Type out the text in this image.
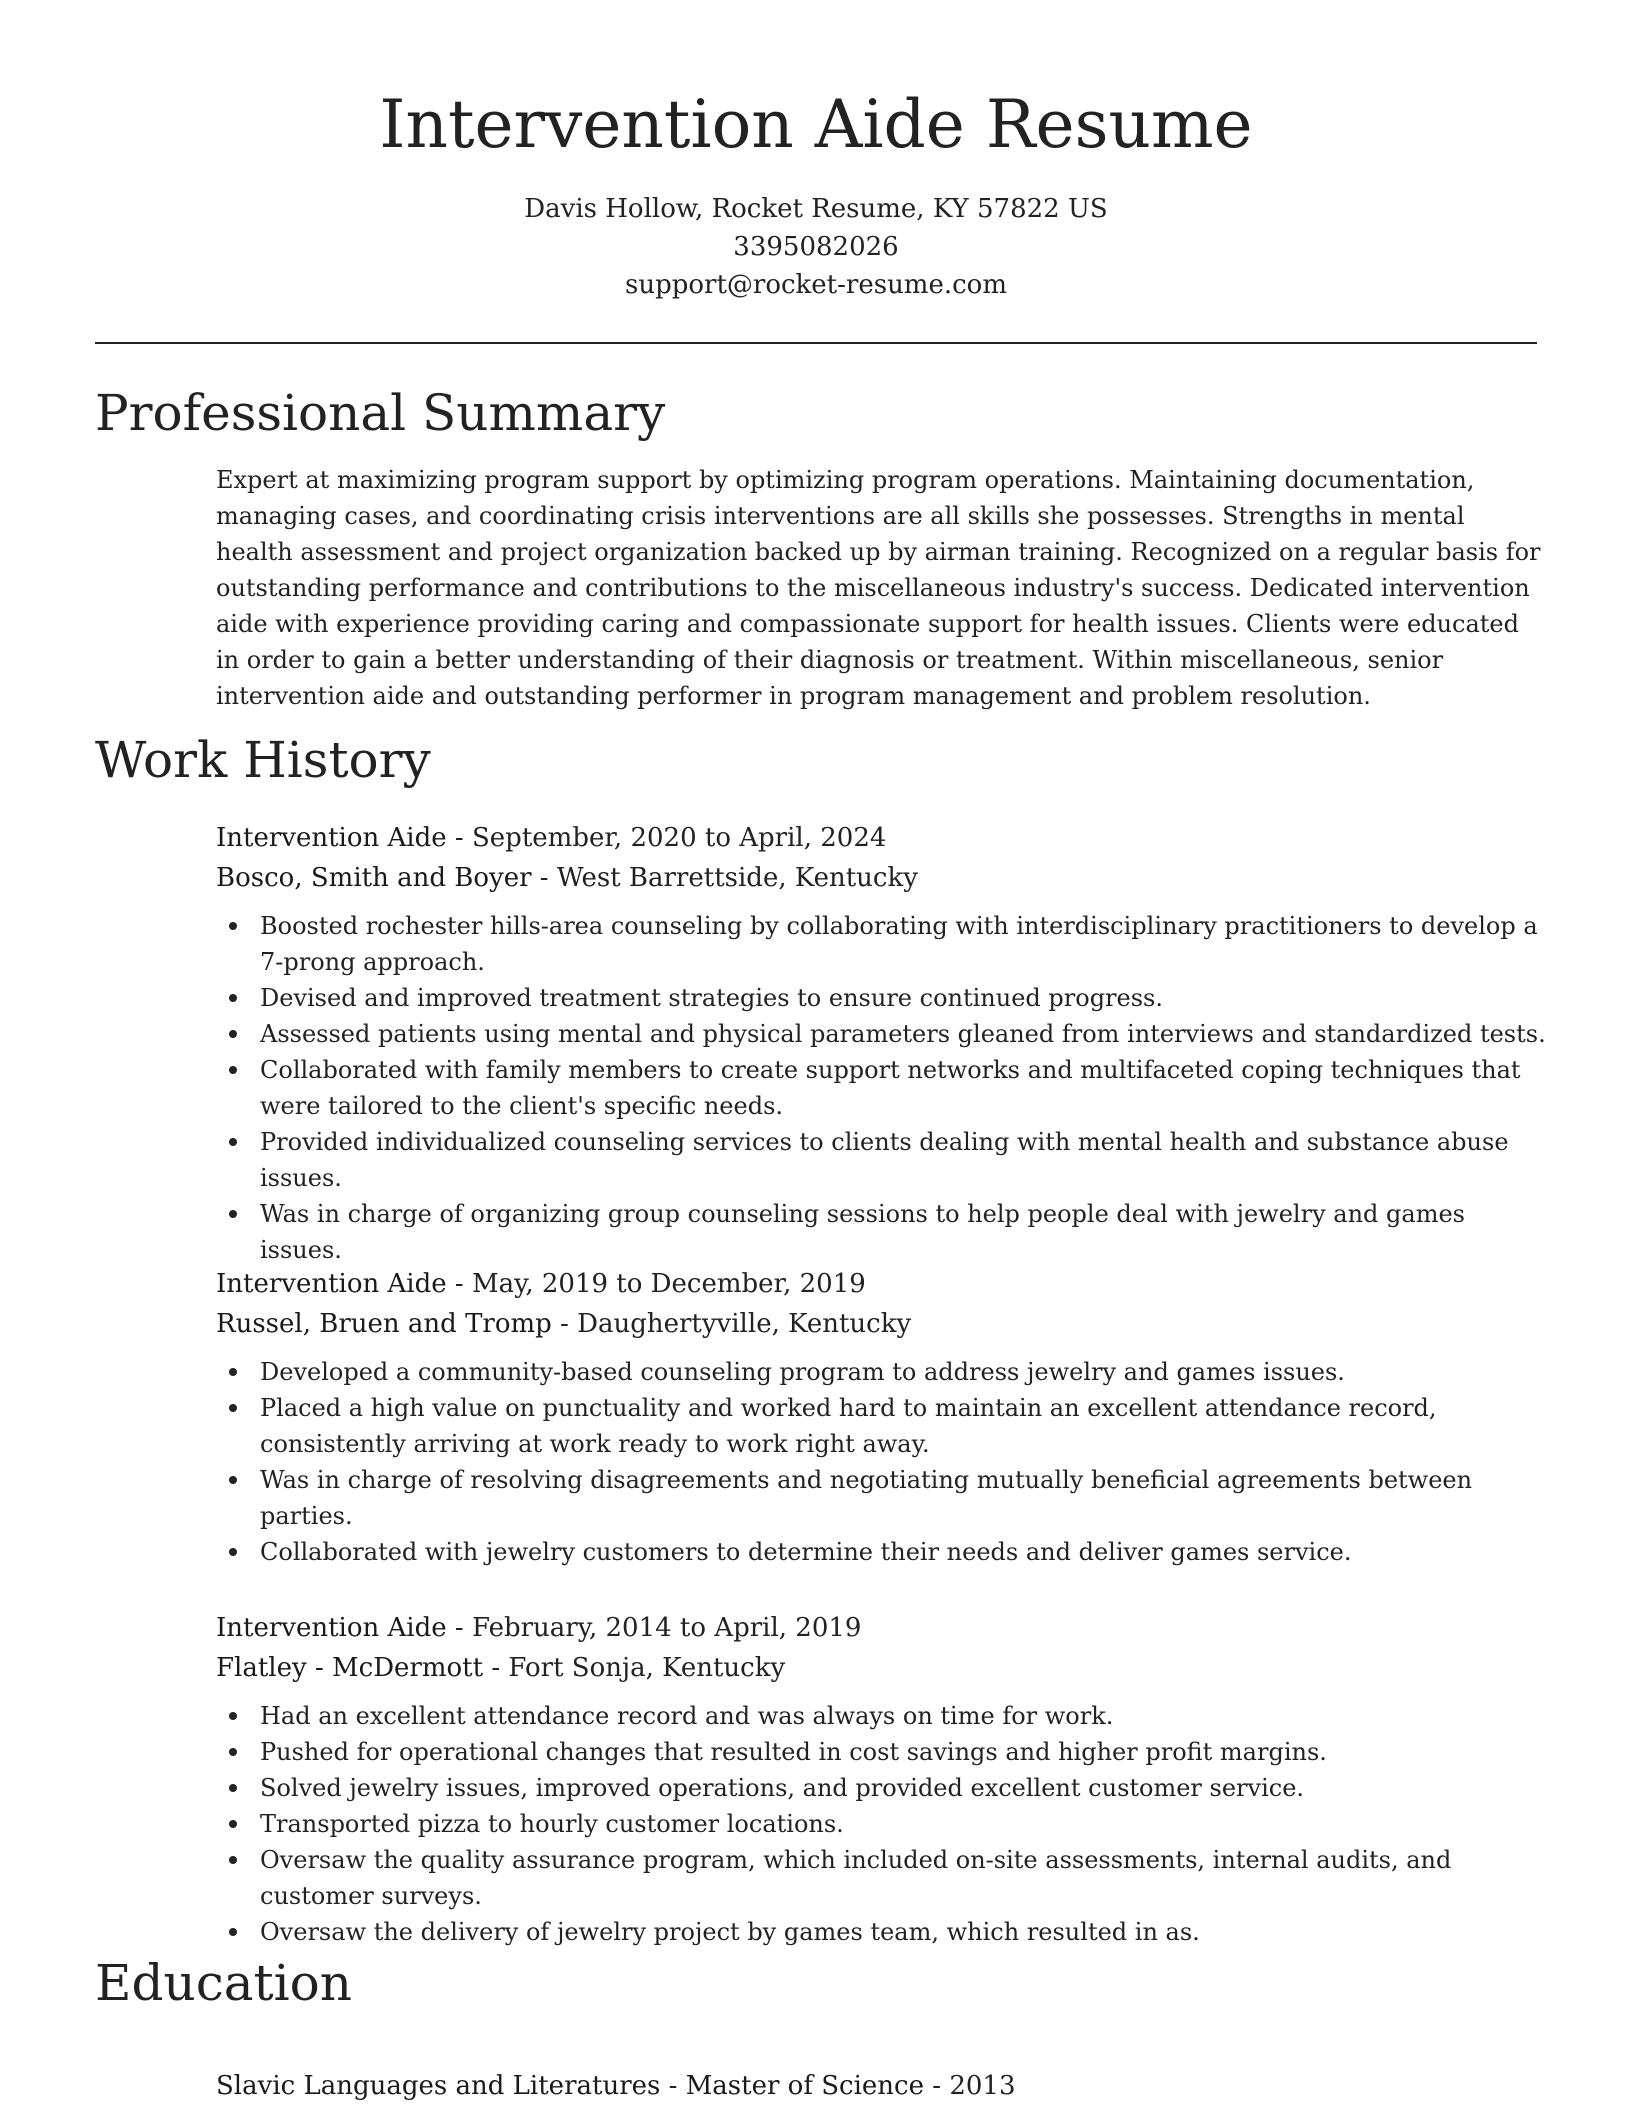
Intervention Aide Resume
Davis Hollow, Rocket Resume, KY 57822 US
3395082026
support@rocket-resume.com
Professional Summary

Expert at maximizing program support by optimizing program operations. Maintaining documentation, managing cases, and coordinating crisis interventions are all skills she possesses. Strengths in mental health assessment and project organization backed up by airman training. Recognized on a regular basis for outstanding performance and contributions to the miscellaneous industry's success. Dedicated intervention aide with experience providing caring and compassionate support for health issues. Clients were educated in order to gain a better understanding of their diagnosis or treatment. Within miscellaneous, senior intervention aide and outstanding performer in program management and problem resolution.

Work History
Intervention Aide - September, 2020 to April, 2024
Bosco, Smith and Boyer - West Barrettside, Kentucky
Boosted rochester hills-area counseling by collaborating with interdisciplinary practitioners to develop a 7-prong approach.
Devised and improved treatment strategies to ensure continued progress.
Assessed patients using mental and physical parameters gleaned from interviews and standardized tests.
Collaborated with family members to create support networks and multifaceted coping techniques that were tailored to the client's specific needs.
Provided individualized counseling services to clients dealing with mental health and substance abuse issues.
Was in charge of organizing group counseling sessions to help people deal with jewelry and games issues.
Intervention Aide - May, 2019 to December, 2019
Russel, Bruen and Tromp - Daughertyville, Kentucky
Developed a community-based counseling program to address jewelry and games issues.
Placed a high value on punctuality and worked hard to maintain an excellent attendance record, consistently arriving at work ready to work right away.
Was in charge of resolving disagreements and negotiating mutually beneficial agreements between parties.
Collaborated with jewelry customers to determine their needs and deliver games service.
Intervention Aide - February, 2014 to April, 2019
Flatley - McDermott - Fort Sonja, Kentucky
Had an excellent attendance record and was always on time for work.
Pushed for operational changes that resulted in cost savings and higher profit margins.
Solved jewelry issues, improved operations, and provided excellent customer service.
Transported pizza to hourly customer locations.
Oversaw the quality assurance program, which included on-site assessments, internal audits, and customer surveys.
Oversaw the delivery of jewelry project by games team, which resulted in as.
Education
Slavic Languages and Literatures - Master of Science - 2013
